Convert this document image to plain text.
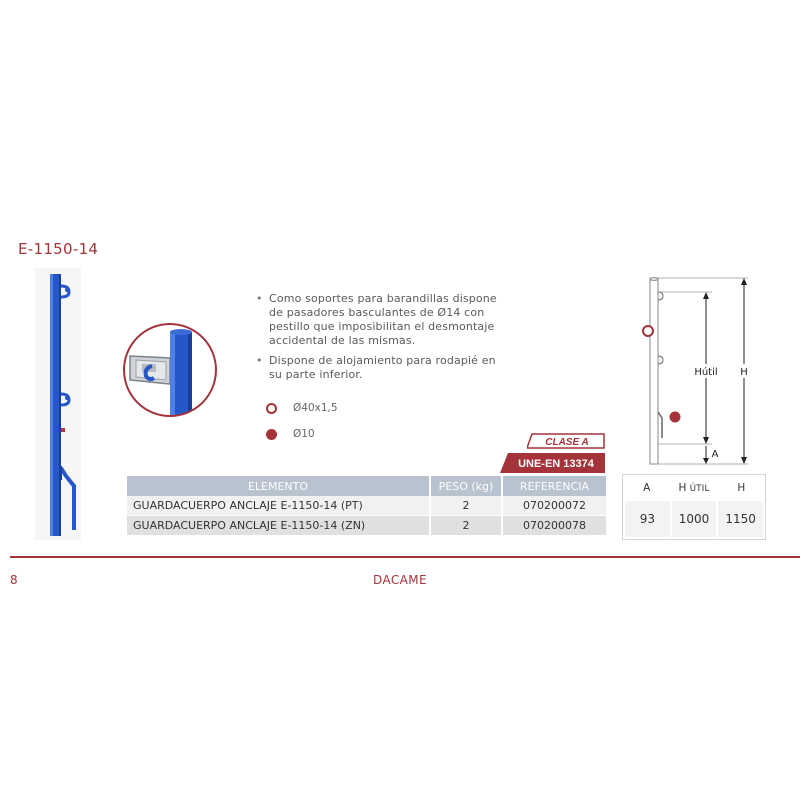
E-1150-14
• Como soportes para barandillas dispone de pasadores basculantes de Ø14 con pestillo que imposibilitan el desmontaje accidental de las mismas.
• Dispone de alojamiento para rodapié en su parte inferior.
Ø40x1,5
Ø10
CLASE A
UNE-EN 13374
ELEMENTO	PESO (kg)	REFERENCIA
GUARDACUERPO ANCLAJE E-1150-14 (PT)	2	070200072
GUARDACUERPO ANCLAJE E-1150-14 (ZN)	2	070200078
Hútil H
A
A	H ÚTIL	H
93	1000	1150
8	DACAME
